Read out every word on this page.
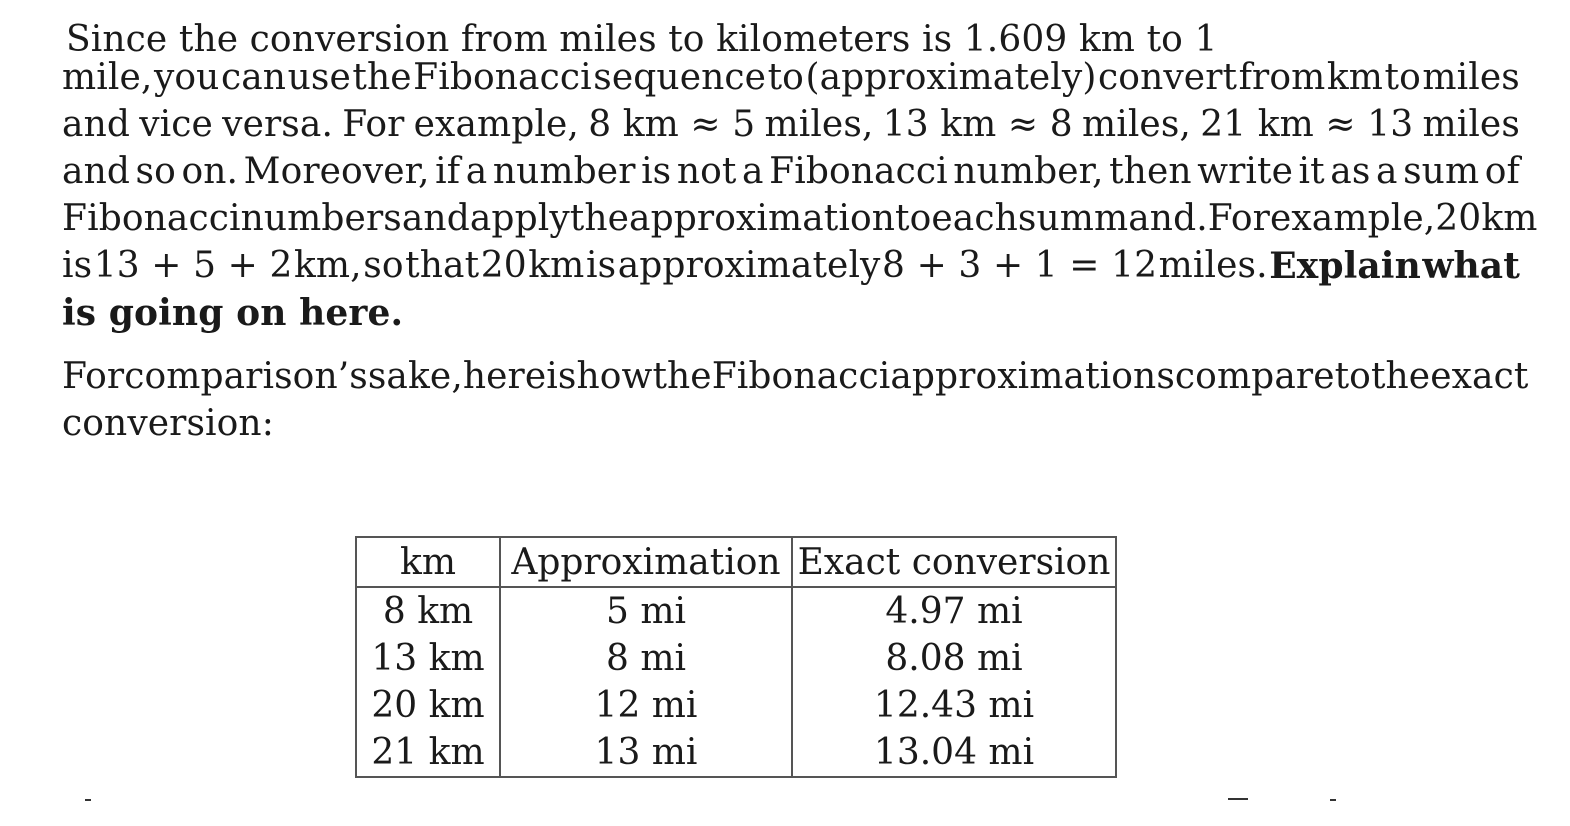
Since the conversion from miles to kilometers is 1.609 km to 1
mile, you can use the Fibonacci sequence to (approximately) convert from km to miles
and vice versa. For example, 8 km ≈ 5 miles, 13 km ≈ 8 miles, 21 km ≈ 13 miles
and so on. Moreover, if a number is not a Fibonacci number, then write it as a sum of
Fibonacci numbers and apply the approximation to each summand. For example, 20 km
is 13 + 5 + 2 km, so that 20 km is approximately 8 + 3 + 1 = 12 miles. Explain what
is going on here.
For comparison’s sake, here is how the Fibonacci approximations compare to the exact
conversion:
km	Approximation	Exact conversion
8 km	5 mi	4.97 mi
13 km	8 mi	8.08 mi
20 km	12 mi	12.43 mi
21 km	13 mi	13.04 mi
